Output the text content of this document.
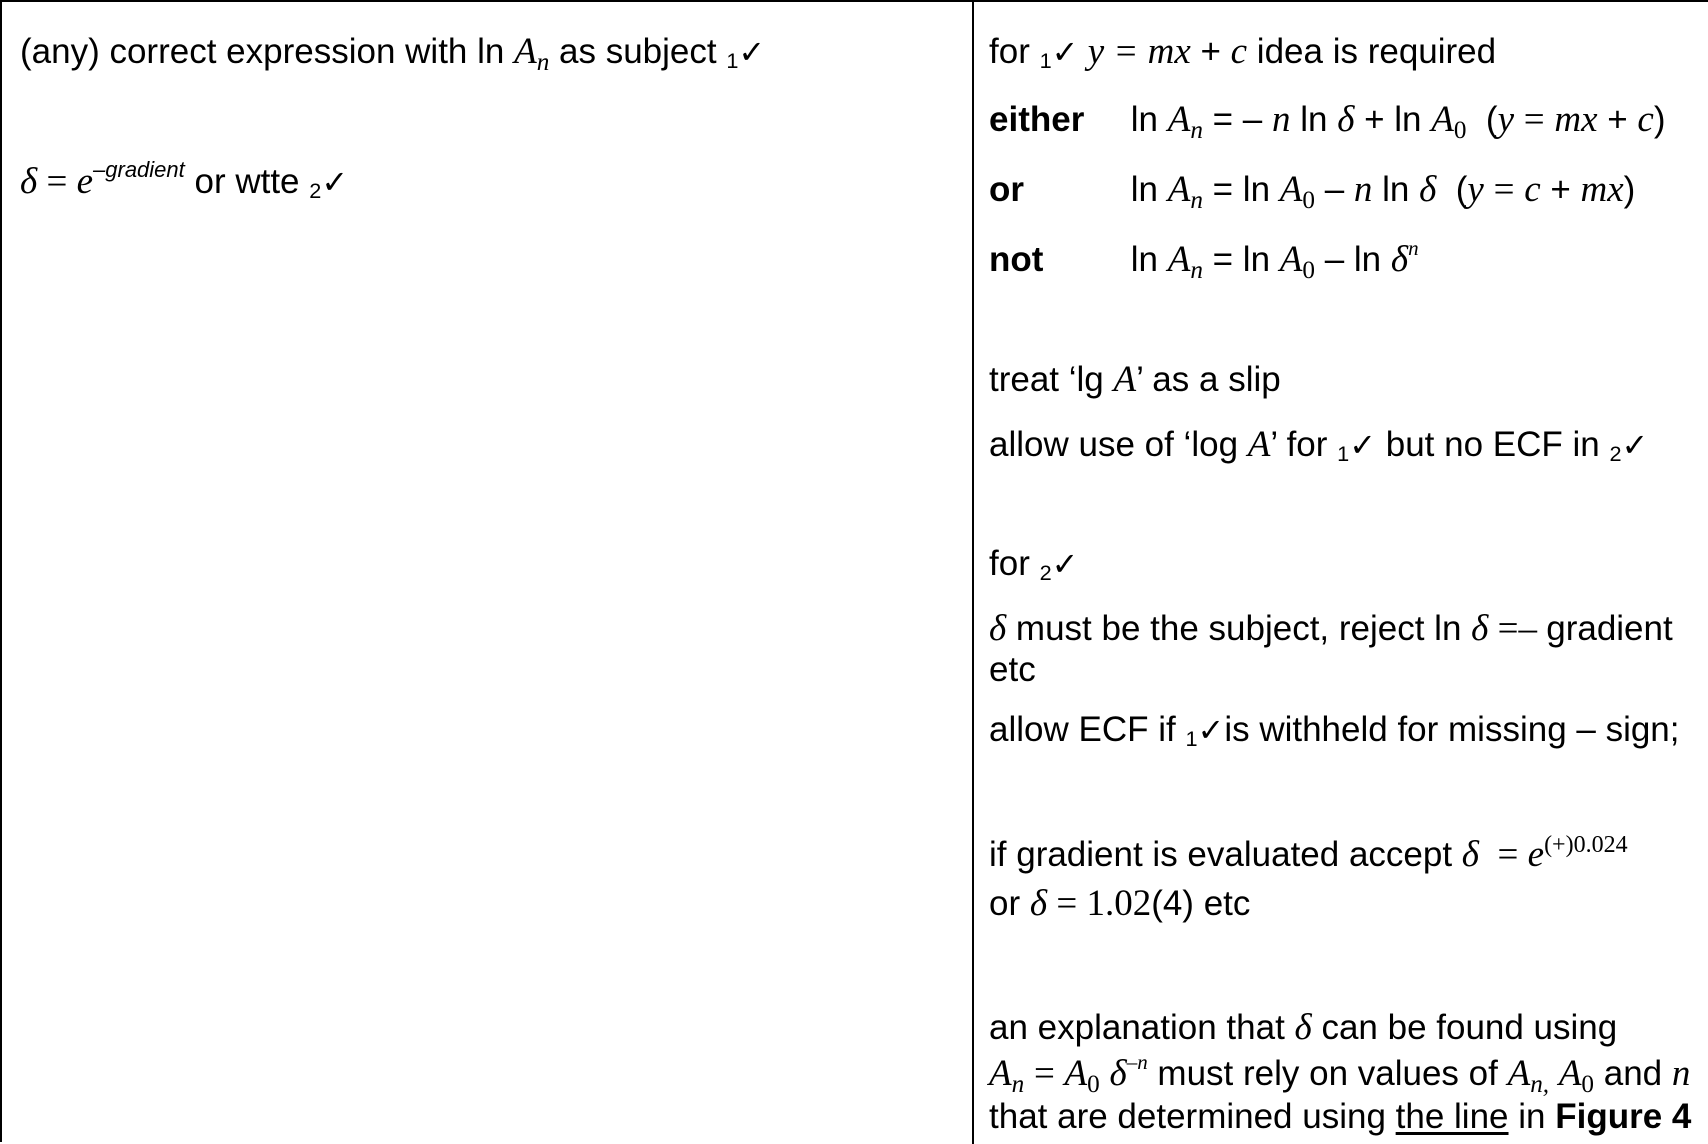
(any) correct expression with $\ln A_n$ as subject 1✓
$\delta = e^{-gradient}$ or wtte 2✓
for 1✓ y = mx + c idea is required
either $\ln A_n$ = – n $\ln \delta + \ln A_0$  (y = mx + c)
or	$\ln A_n = \ln A_0 - n$ ln δ  (y = c + mx)
not $\ln A_n = \ln A_0 - \ln \delta^n$
treat ‘lg A’ as a slip
allow use of ‘log A’ for 1✓ but no ECF in 2✓
for 2✓
δ must be the subject, reject ln δ =– gradient
etc
allow ECF if 1✓is withheld for missing – sign;
if gradient is evaluated accept $\delta = e^{(+)0.024}$
or δ = 1.02(4) etc
an explanation that δ can be found using
$A_n = A_0$ $\delta^{-n}$ must rely on values of $A_{n,}$ $A_0$ and n
that are determined using the line in Figure 4
